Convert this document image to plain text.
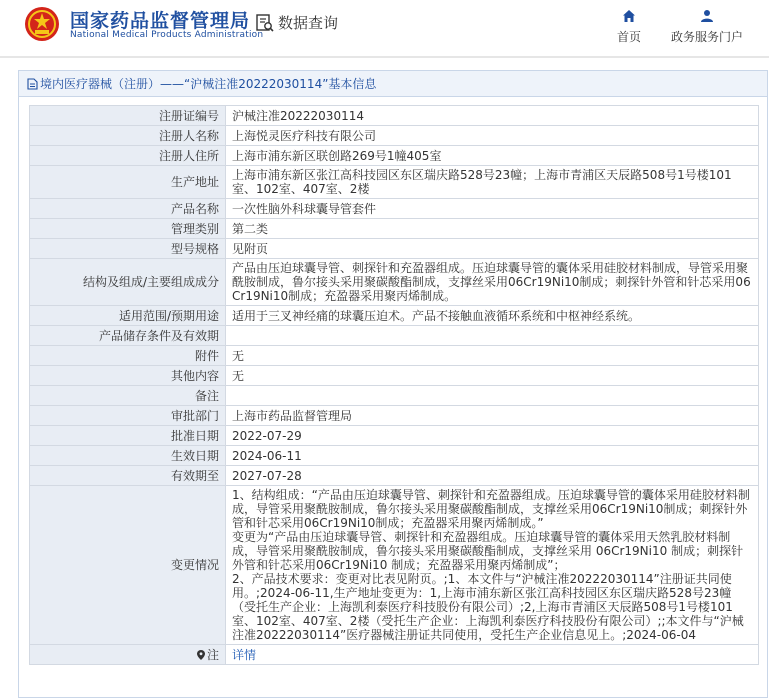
国家药品监督管理局
National Medical Products Administration
数据查询
首页 政务服务门户
境内医疗器械（注册）——“沪械注准20222030114”基本信息
注册证编号	沪械注准20222030114
注册人名称	上海悦灵医疗科技有限公司
注册人住所	上海市浦东新区联创路269号1幢405室
生产地址	上海市浦东新区张江高科技园区东区瑞庆路528号23幢；上海市青浦区天辰路508号1号楼101室、102室、407室、2楼
产品名称	一次性脑外科球囊导管套件
管理类别	第二类
型号规格	见附页
结构及组成/主要组成成分	产品由压迫球囊导管、刺探针和充盈器组成。压迫球囊导管的囊体采用硅胶材料制成，导管采用聚酰胺制成，鲁尔接头采用聚碳酸酯制成，支撑丝采用06Cr19Ni10制成；刺探针外管和针芯采用06Cr19Ni10制成；充盈器采用聚丙烯制成。
适用范围/预期用途	适用于三叉神经痛的球囊压迫术。产品不接触血液循环系统和中枢神经系统。
产品储存条件及有效期	
附件	无
其他内容	无
备注	
审批部门	上海市药品监督管理局
批准日期	2022-07-29
生效日期	2024-06-11
有效期至	2027-07-28
变更情况	1、结构组成：“产品由压迫球囊导管、刺探针和充盈器组成。压迫球囊导管的囊体采用硅胶材料制成，导管采用聚酰胺制成，鲁尔接头采用聚碳酸酯制成，支撑丝采用06Cr19Ni10制成；刺探针外管和针芯采用06Cr19Ni10制成；充盈器采用聚丙烯制成。”
变更为“产品由压迫球囊导管、刺探针和充盈器组成。压迫球囊导管的囊体采用天然乳胶材料制成，导管采用聚酰胺制成，鲁尔接头采用聚碳酸酯制成，支撑丝采用 06Cr19Ni10 制成；刺探针外管和针芯采用06Cr19Ni10 制成；充盈器采用聚丙烯制成”；
2、产品技术要求：变更对比表见附页。;1、本文件与“沪械注准20222030114”注册证共同使用。;2024-06-11,生产地址变更为：1,上海市浦东新区张江高科技园区东区瑞庆路528号23幢（受托生产企业：上海凯利泰医疗科技股份有限公司）;2,上海市青浦区天辰路508号1号楼101室、102室、407室、2楼（受托生产企业：上海凯利泰医疗科技股份有限公司）;;本文件与“沪械注准20222030114”医疗器械注册证共同使用，受托生产企业信息见上。;2024-06-04
注	详情
